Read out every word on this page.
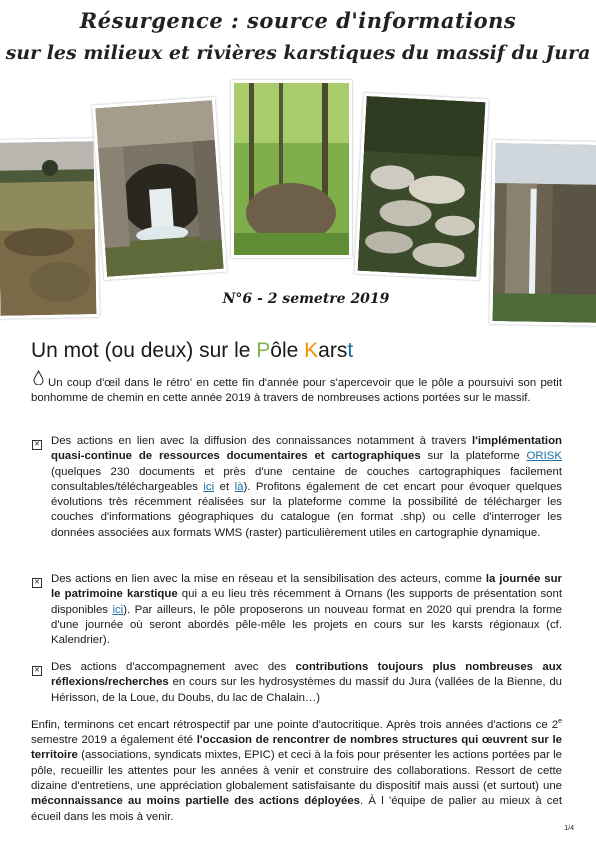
Résurgence : source d'informations
sur les milieux et rivières karstiques du massif du Jura
N°6 - 2 semetre 2019
Un mot (ou deux) sur le Pôle Karst
Un coup d'œil dans le rétro' en cette fin d'année pour s'apercevoir que le pôle a poursuivi son petit bonhomme de chemin en cette année 2019 à travers de nombreuses actions portées sur le massif.
✕ Des actions en lien avec la diffusion des connaissances notamment à travers l'implémentation quasi-continue de ressources documentaires et cartographiques sur la plateforme ORISK (quelques 230 documents et près d'une centaine de couches cartographiques facilement consultables/téléchargeables ici et là). Profitons également de cet encart pour évoquer quelques évolutions très récemment réalisées sur la plateforme comme la possibilité de télécharger les couches d'informations géographiques du catalogue (en format .shp) ou celle d'interroger les données associées aux formats WMS (raster) particulièrement utiles en cartographie dynamique.
✕ Des actions en lien avec la mise en réseau et la sensibilisation des acteurs, comme la journée sur le patrimoine karstique qui a eu lieu très récemment à Ornans (les supports de présentation sont disponibles ici). Par ailleurs, le pôle proposerons un nouveau format en 2020 qui prendra la forme d'une journée où seront abordés pêle-mêle les projets en cours sur les karsts régionaux (cf. Kalendrier).
✕ Des actions d'accompagnement avec des contributions toujours plus nombreuses aux réflexions/recherches en cours sur les hydrosystèmes du massif du Jura (vallées de la Bienne, du Hérisson, de la Loue, du Doubs, du lac de Chalain…)
Enfin, terminons cet encart rétrospectif par une pointe d'autocritique. Après trois années d'actions ce 2e semestre 2019 a également été l'occasion de rencontrer de nombres structures qui œuvrent sur le territoire (associations, syndicats mixtes, EPIC) et ceci à la fois pour présenter les actions portées par le pôle, recueillir les attentes pour les années à venir et construire des collaborations. Ressort de cette dizaine d'entretiens, une appréciation globalement satisfaisante du dispositif mais aussi (et surtout) une méconnaissance au moins partielle des actions déployées. À l 'équipe de palier au mieux à cet écueil dans les mois à venir.
1/4
